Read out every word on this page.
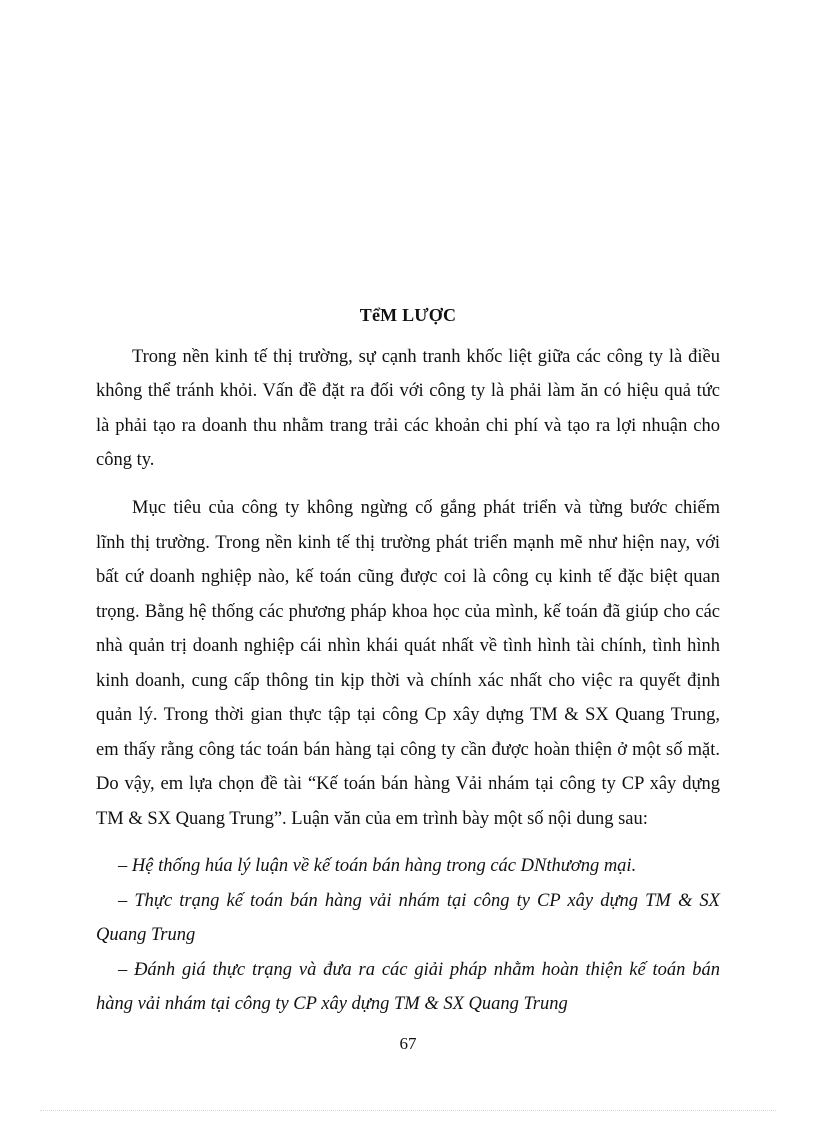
TểM LƯỢC
Trong nền kinh tế thị trường, sự cạnh tranh khốc liệt giữa các công ty là điều
không thể tránh khỏi. Vấn đề đặt ra đối với công ty là phải làm ăn có hiệu quả tức
là phải tạo ra doanh thu nhằm trang trải các khoản chi phí và tạo ra lợi nhuận cho
công ty.
Mục tiêu của công ty không ngừng cố gắng phát triển và từng bước chiếm
lĩnh thị trường. Trong nền kinh tế thị trường phát triển mạnh mẽ như hiện nay, với
bất cứ doanh nghiệp nào, kế toán cũng được coi là công cụ kinh tế đặc biệt quan
trọng. Bằng hệ thống các phương pháp khoa học của mình, kế toán đã giúp cho các
nhà quản trị doanh nghiệp cái nhìn khái quát nhất về tình hình tài chính, tình hình
kinh doanh, cung cấp thông tin kịp thời và chính xác nhất cho việc ra quyết định
quản lý. Trong thời gian thực tập tại công Cp xây dựng TM & SX Quang Trung,
em thấy rằng công tác toán bán hàng tại công ty cần được hoàn thiện ở một số mặt.
Do vậy, em lựa chọn đề tài “Kế toán bán hàng Vải nhám tại công ty CP xây dựng
TM & SX Quang Trung”. Luận văn của em trình bày một số nội dung sau:
– Hệ thống húa lý luận về kế toán bán hàng trong các DNthương mại.
– Thực trạng kế toán bán hàng vải nhám tại công ty CP xây dựng TM & SX
Quang Trung
– Đánh giá thực trạng và đưa ra các giải pháp nhằm hoàn thiện kế toán bán
hàng vải nhám tại công ty CP xây dựng TM & SX Quang Trung
67
